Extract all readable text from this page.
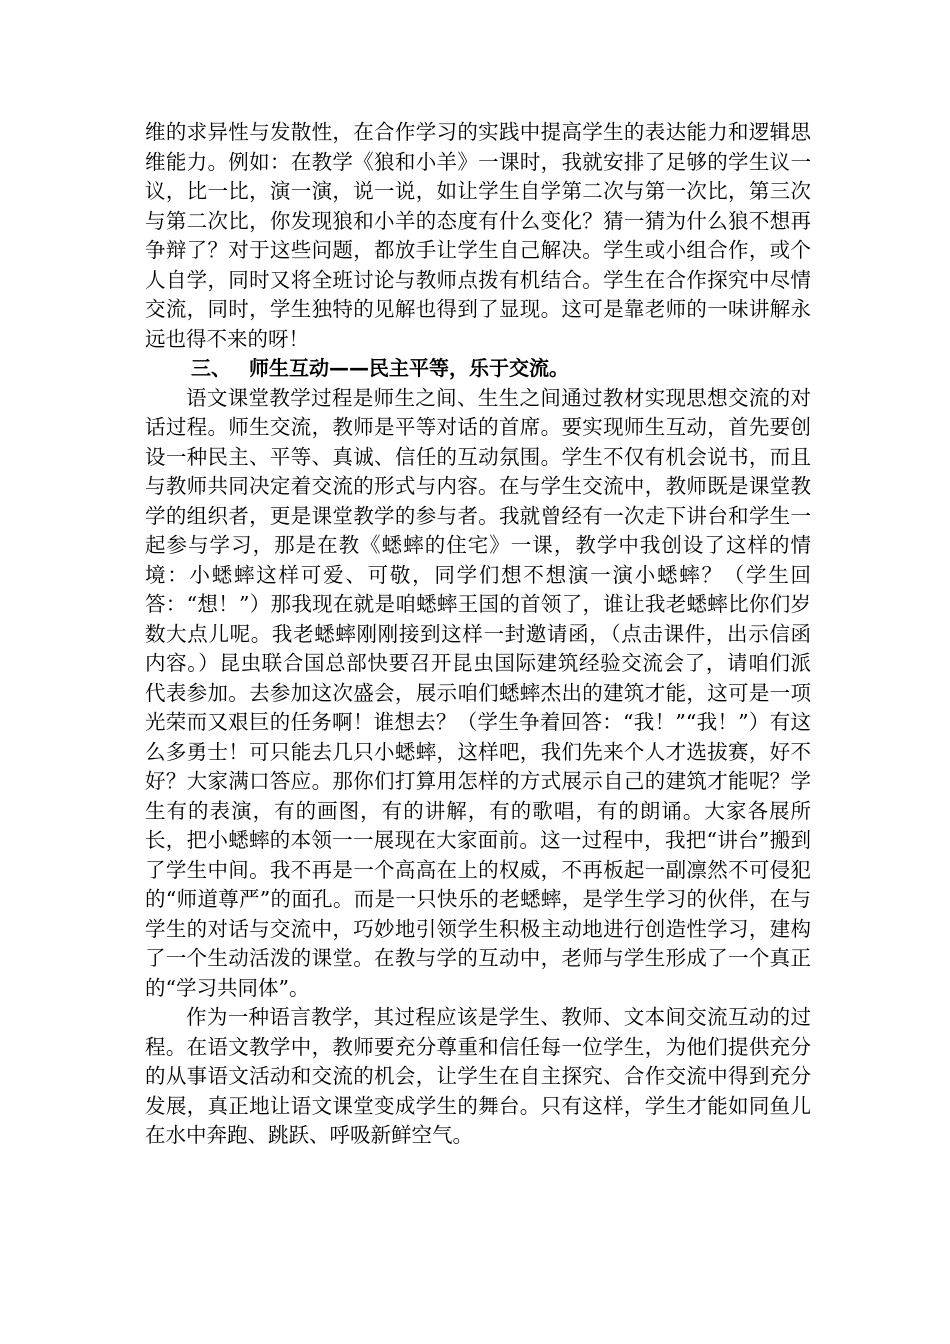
维的求异性与发散性，在合作学习的实践中提高学生的表达能力和逻辑思维能力。例如：在教学《狼和小羊》一课时，我就安排了足够的学生议一议，比一比，演一演，说一说，如让学生自学第二次与第一次比，第三次与第二次比，你发现狼和小羊的态度有什么变化？猜一猜为什么狼不想再争辩了？对于这些问题，都放手让学生自己解决。学生或小组合作，或个人自学，同时又将全班讨论与教师点拨有机结合。学生在合作探究中尽情交流，同时，学生独特的见解也得到了显现。这可是靠老师的一味讲解永远也得不来的呀！

三、 师生互动——民主平等，乐于交流。

语文课堂教学过程是师生之间、生生之间通过教材实现思想交流的对话过程。师生交流，教师是平等对话的首席。要实现师生互动，首先要创设一种民主、平等、真诚、信任的互动氛围。学生不仅有机会说书，而且与教师共同决定着交流的形式与内容。在与学生交流中，教师既是课堂教学的组织者，更是课堂教学的参与者。我就曾经有一次走下讲台和学生一起参与学习，那是在教《蟋蟀的住宅》一课，教学中我创设了这样的情境：小蟋蟀这样可爱、可敬，同学们想不想演一演小蟋蟀？（学生回答：“想！”）那我现在就是咱蟋蟀王国的首领了，谁让我老蟋蟀比你们岁数大点儿呢。我老蟋蟀刚刚接到这样一封邀请函，（点击课件，出示信函内容。）昆虫联合国总部快要召开昆虫国际建筑经验交流会了，请咱们派代表参加。去参加这次盛会，展示咱们蟋蟀杰出的建筑才能，这可是一项光荣而又艰巨的任务啊！谁想去？（学生争着回答：“我！”“我！”）有这么多勇士！可只能去几只小蟋蟀，这样吧，我们先来个人才选拔赛，好不好？大家满口答应。那你们打算用怎样的方式展示自己的建筑才能呢？学生有的表演，有的画图，有的讲解，有的歌唱，有的朗诵。大家各展所长，把小蟋蟀的本领一一展现在大家面前。这一过程中，我把“讲台”搬到了学生中间。我不再是一个高高在上的权威，不再板起一副凛然不可侵犯的“师道尊严”的面孔。而是一只快乐的老蟋蟀，是学生学习的伙伴，在与学生的对话与交流中，巧妙地引领学生积极主动地进行创造性学习，建构了一个生动活泼的课堂。在教与学的互动中，老师与学生形成了一个真正的“学习共同体”。

作为一种语言教学，其过程应该是学生、教师、文本间交流互动的过程。在语文教学中，教师要充分尊重和信任每一位学生，为他们提供充分的从事语文活动和交流的机会，让学生在自主探究、合作交流中得到充分发展，真正地让语文课堂变成学生的舞台。只有这样，学生才能如同鱼儿在水中奔跑、跳跃、呼吸新鲜空气。
